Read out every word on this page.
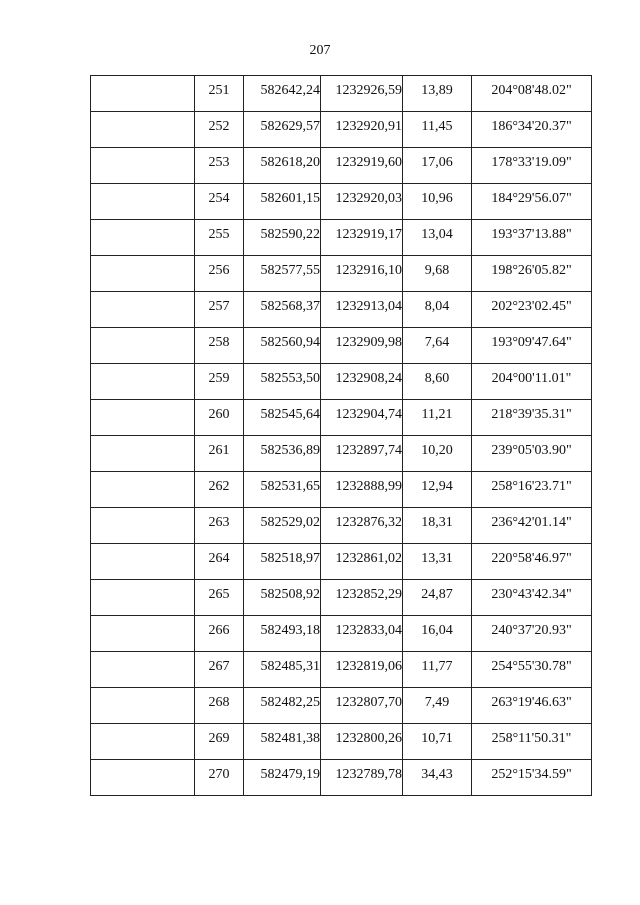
207
	251	582642,24	1232926,59	13,89	204°08'48.02"
	252	582629,57	1232920,91	11,45	186°34'20.37"
	253	582618,20	1232919,60	17,06	178°33'19.09"
	254	582601,15	1232920,03	10,96	184°29'56.07"
	255	582590,22	1232919,17	13,04	193°37'13.88"
	256	582577,55	1232916,10	9,68	198°26'05.82"
	257	582568,37	1232913,04	8,04	202°23'02.45"
	258	582560,94	1232909,98	7,64	193°09'47.64"
	259	582553,50	1232908,24	8,60	204°00'11.01"
	260	582545,64	1232904,74	11,21	218°39'35.31"
	261	582536,89	1232897,74	10,20	239°05'03.90"
	262	582531,65	1232888,99	12,94	258°16'23.71"
	263	582529,02	1232876,32	18,31	236°42'01.14"
	264	582518,97	1232861,02	13,31	220°58'46.97"
	265	582508,92	1232852,29	24,87	230°43'42.34"
	266	582493,18	1232833,04	16,04	240°37'20.93"
	267	582485,31	1232819,06	11,77	254°55'30.78"
	268	582482,25	1232807,70	7,49	263°19'46.63"
	269	582481,38	1232800,26	10,71	258°11'50.31"
	270	582479,19	1232789,78	34,43	252°15'34.59"
